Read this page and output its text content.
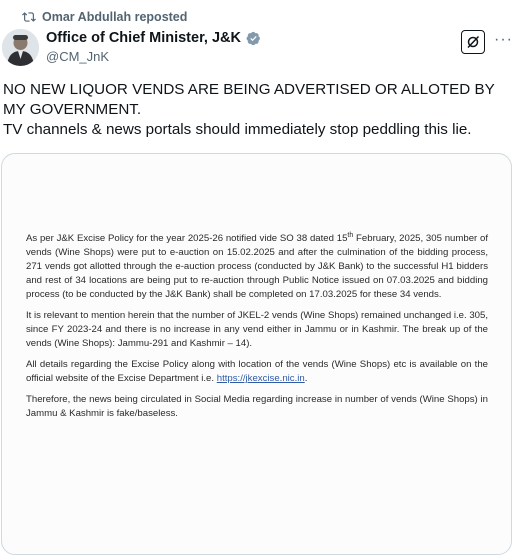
Omar Abdullah reposted
Office of Chief Minister, J&K
@CM_JnK
···

NO NEW LIQUOR VENDS ARE BEING ADVERTISED OR ALLOTED BY MY GOVERNMENT.

TV channels & news portals should immediately stop peddling this lie.

As per J&K Excise Policy for the year 2025-26 notified vide SO 38 dated 15th February, 2025, 305 number of vends (Wine Shops) were put to e-auction on 15.02.2025 and after the culmination of the bidding process, 271 vends got allotted through the e-auction process (conducted by J&K Bank) to the successful H1 bidders and rest of 34 locations are being put to re-auction through Public Notice issued on 07.03.2025 and bidding process (to be conducted by the J&K Bank) shall be completed on 17.03.2025 for these 34 vends.

It is relevant to mention herein that the number of JKEL-2 vends (Wine Shops) remained unchanged i.e. 305, since FY 2023-24 and there is no increase in any vend either in Jammu or in Kashmir. The break up of the vends (Wine Shops): Jammu-291 and Kashmir – 14).

All details regarding the Excise Policy along with location of the vends (Wine Shops) etc is available on the official website of the Excise Department i.e. https://jkexcise.nic.in.

Therefore, the news being circulated in Social Media regarding increase in number of vends (Wine Shops) in Jammu & Kashmir is fake/baseless.
